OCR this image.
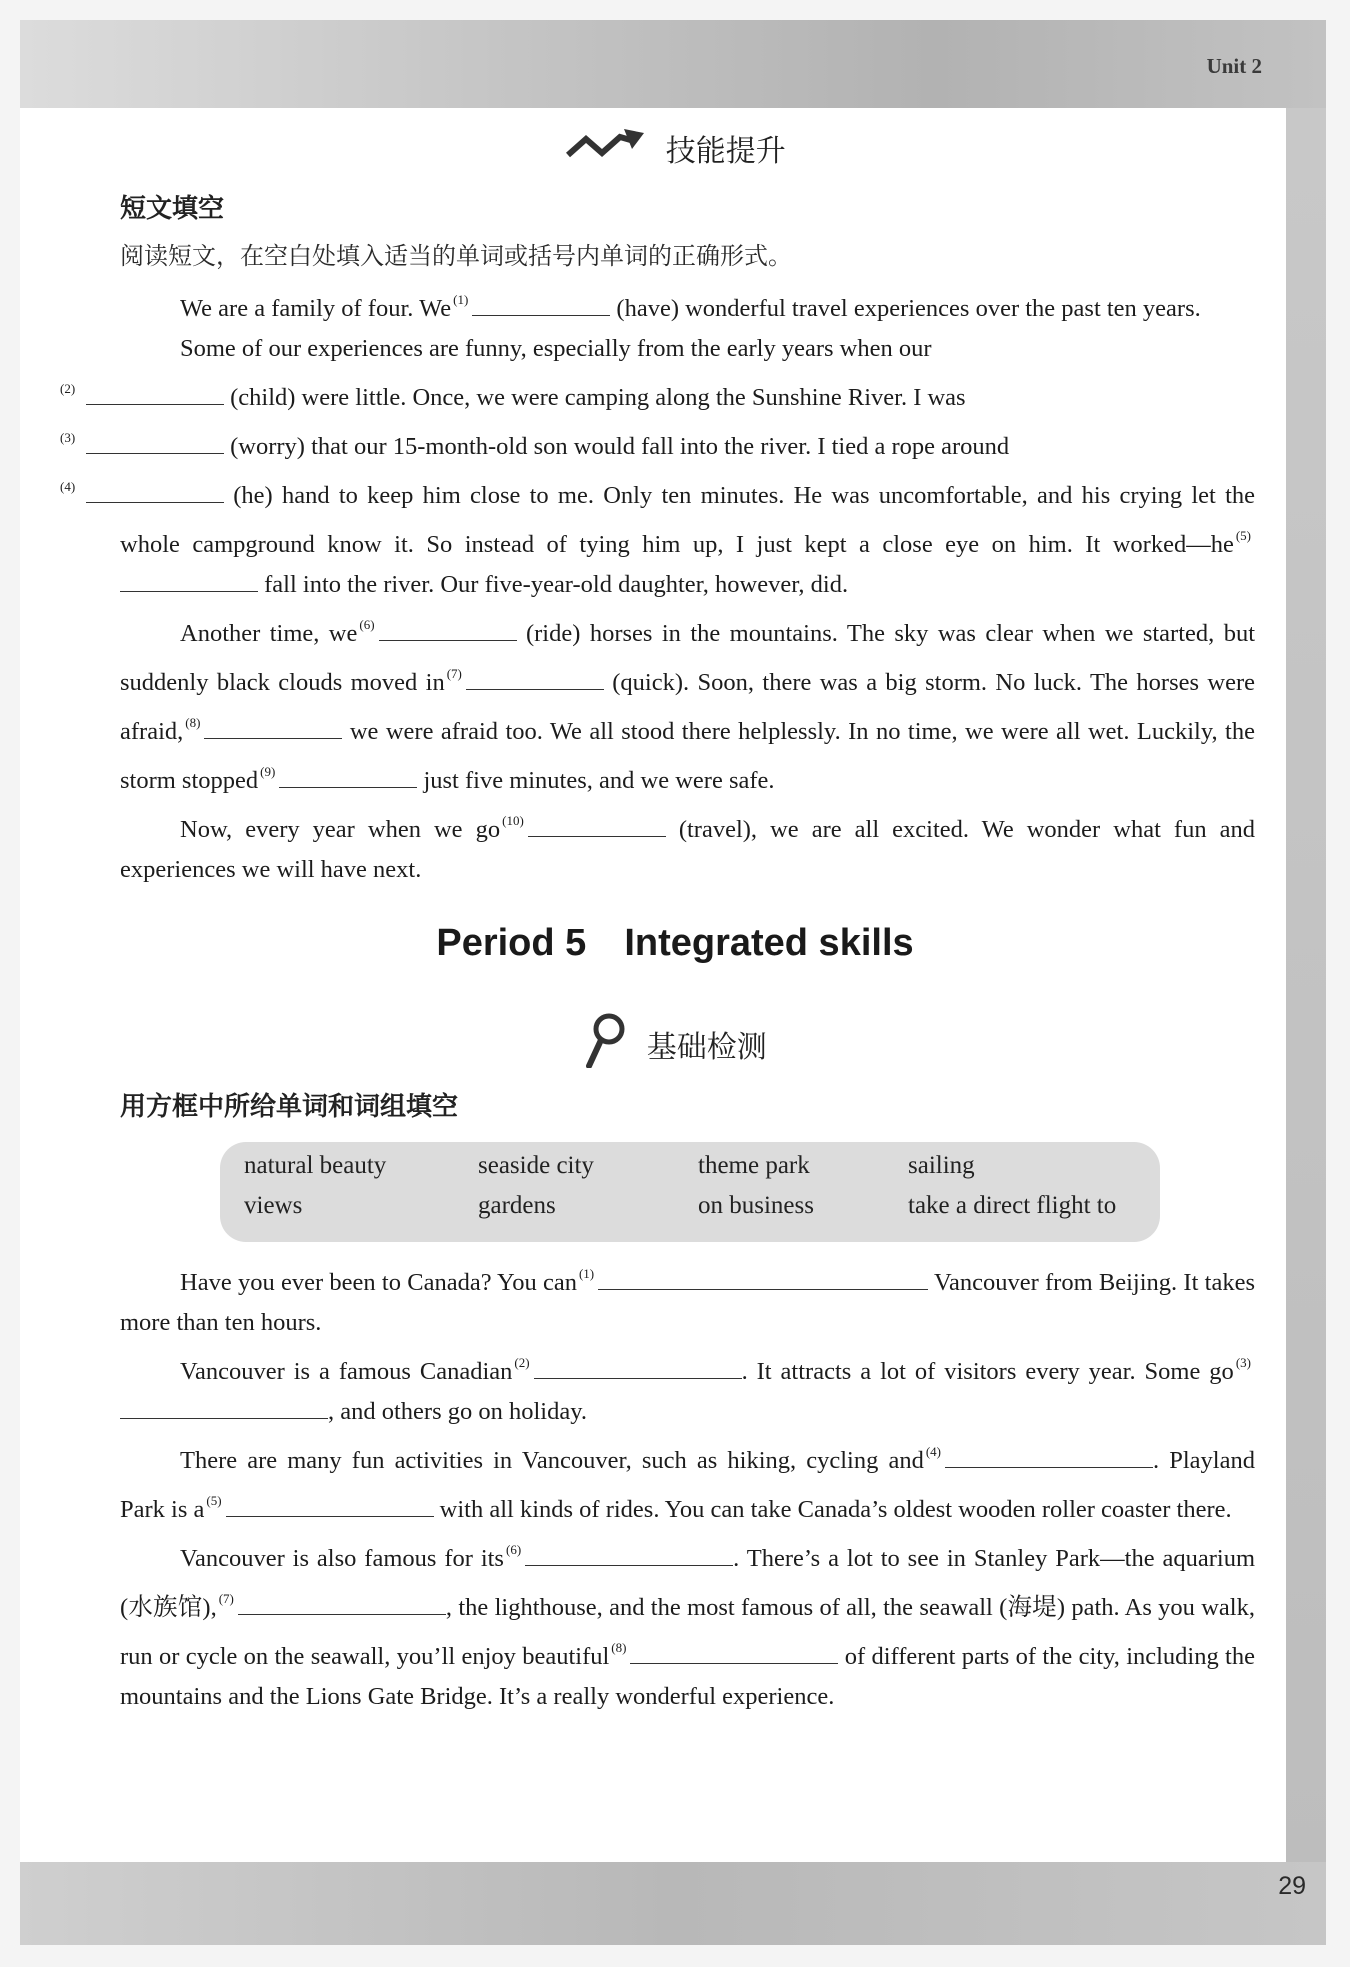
Unit 2
29
技能提升
短文填空
阅读短文，在空白处填入适当的单词或括号内单词的正确形式。

We are a family of four. We $^{(1)}$	(have) wonderful travel experiences over the past ten years.

Some of our experiences are funny, especially from the early years when our
(2)	(child) were little. Once, we were camping along the Sunshine River. I was
(3)	(worry) that our 15-month-old son would fall into the river. I tied a rope around
(4)	(he) hand to keep him close to me. Only ten minutes. He was uncomfortable, and his crying let the whole campground know it. So instead of tying him up, I just kept a close eye on him. It worked—he $^{(5)}$ fall into the river. Our five-year-old daughter, however, did.

Another time, we $^{(6)}$	(ride) horses in the mountains. The sky was clear when we started, but suddenly black clouds moved in $^{(7)}$	(quick). Soon, there was a big storm. No luck. The horses were afraid, $^{(8)}$	we were afraid too. We all stood there helplessly. In no time, we were all wet. Luckily, the storm stopped $^{(9)}$	just five minutes, and we were safe.

Now, every year when we go $^{(10)}$	(travel), we are all excited. We wonder what fun and experiences we will have next.

Period 5 Integrated skills
基础检测
用方框中所给单词和词组填空
natural beauty	seaside city	theme park	sailing
views	gardens	on business	take a direct flight to

Have you ever been to Canada? You can $^{(1)}$	Vancouver from Beijing. It takes more than ten hours.

Vancouver is a famous Canadian $^{(2)}$	. It attracts a lot of visitors every year. Some go $^{(3)}$, and others go on holiday.

There are many fun activities in Vancouver, such as hiking, cycling and $^{(4)}$	. Playland Park is a $^{(5)}$	with all kinds of rides. You can take Canada’s oldest wooden roller coaster there.

Vancouver is also famous for its $^{(6)}$	. There’s a lot to see in Stanley Park—the aquarium (水族馆), $^{(7)}$	, the lighthouse, and the most famous of all, the seawall (海堤) path. As you walk, run or cycle on the seawall, you’ll enjoy beautiful $^{(8)}$	of different parts of the city, including the mountains and the Lions Gate Bridge. It’s a really wonderful experience.
